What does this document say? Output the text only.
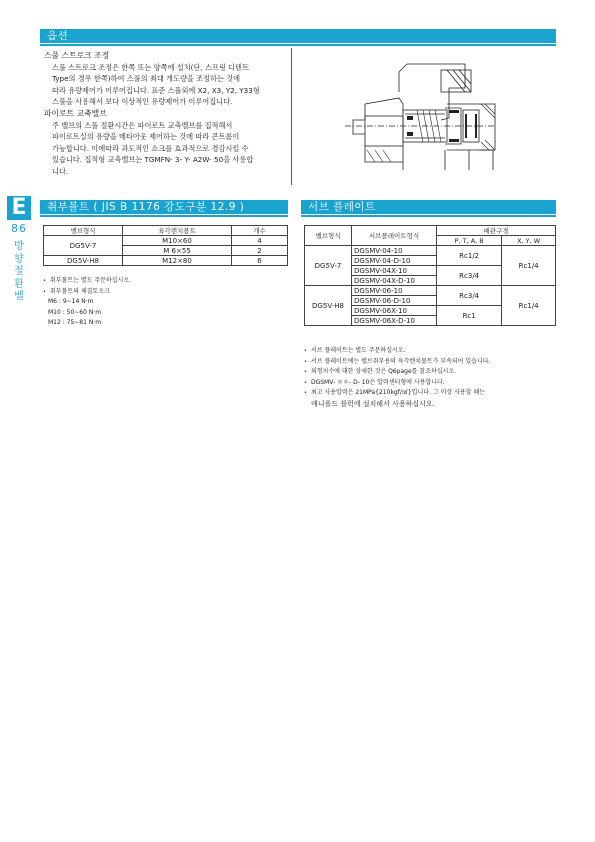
옵션
스풀 스트로크 조정
스풀 스트로크 조정은 한쪽 또는 양쪽에 설치(단, 스프링 디텐트
Type의 경우 한쪽)하여 스풀의 최대 개도량을 조정하는 것에
따라 유량제어가 이루어집니다. 표준 스풀외에 X2, X3, Y2, Y33형
스풀을 사용해서 보다 이상적인 유량제어가 이루어집니다.
파이로트 교축밸브
주 밸브의 스풀 절환시간은 파이로트 교축밸브를 집적해서
파이로트실의 유량을 메타아웃 제어하는 것에 따라 콘트롤이
가능합니다. 이에따라 과도적인 쇼크를 효과적으로 경감시킬 수
있습니다. 집적형 교축밸브는 TGMFN- 3- Y- A2W- 50을 사용합
니다.
E
86
방
향
절
환
밸
취부볼트 ( JIS B 1176 강도구분 12.9 )
밸브형식	육각렌치볼트	개수
DG5V-7	M10×60	4
	M 6×55	2
DG5V-H8	M12×80	6
• 취부볼트는 별도 주문하십시오.
• 취부볼트의 체결토오크
M6 : 9∼14 N·m
M10 : 50∼60 N·m
M12 : 75∼81 N·m
서브 플레이트
밸브형식	서브플레이트형식	배관구경	
		P, T, A, B	X, Y, W
DG5V-7	DGSMV-04-10	Rc1/2	Rc1/4
	DGSMV-04-D-10		
	DGSMV-04X-10	Rc3/4	
	DGSMV-04X-D-10		
DG5V-H8	DGSMV-06-10	Rc3/4	Rc1/4
	DGSMV-06-D-10		
	DGSMV-06X-10	Rc1	
	DGSMV-06X-D-10		
• 서브 플레이트는 별도 주문하십시오.
• 서브 플레이트에는 밸브취부용의 육각렌치볼트가 부속되어 있습니다.
• 외형치수에 대한 상세한 것은 Q6page를 참조하십시오.
• DGSMV- ＊＊- D- 10은 압력센터형에 사용합니다.
• 최고 사용압력은 21MPa{210kgf/㎠}입니다. 그 이상 사용할 때는
매니폴드 블럭에 설치해서 사용하십시오.
